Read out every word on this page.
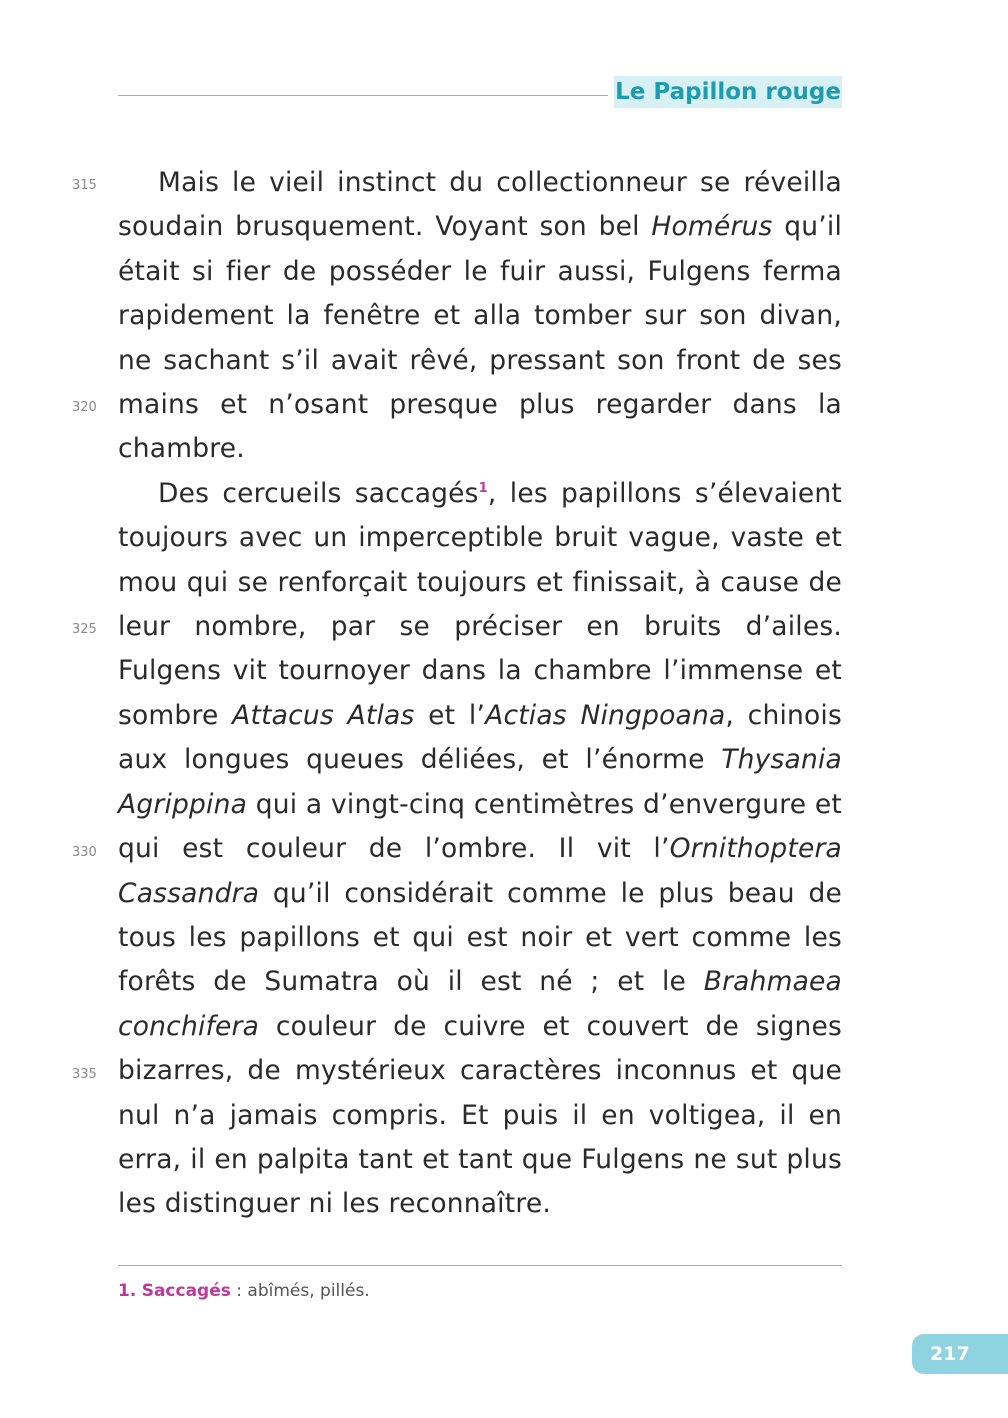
Le Papillon rouge
315
320
325
330
335

Mais le vieil instinct du collectionneur se réveilla soudain brusquement. Voyant son bel Homérus qu’il était si fier de posséder le fuir aussi, Fulgens ferma rapidement la fenêtre et alla tomber sur son divan, ne sachant s’il avait rêvé, pressant son front de ses mains et n’osant presque plus regarder dans la chambre.

Des cercueils saccagés$^1$, les papillons s’élevaient toujours avec un imperceptible bruit vague, vaste et mou qui se renforçait toujours et finissait, à cause de leur nombre, par se préciser en bruits d’ailes. Fulgens vit tournoyer dans la chambre l’immense et sombre Attacus Atlas et l’Actias Ningpoana, chinois aux longues queues déliées, et l’énorme Thysania Agrippina qui a vingt-cinq centimètres d’envergure et qui est couleur de l’ombre. Il vit l’Ornithoptera Cassandra qu’il considérait comme le plus beau de tous les papillons et qui est noir et vert comme les forêts de Sumatra où il est né ; et le Brahmaea conchifera couleur de cuivre et couvert de signes bizarres, de mystérieux caractères inconnus et que nul n’a jamais compris. Et puis il en voltigea, il en erra, il en palpita tant et tant que Fulgens ne sut plus les distinguer ni les reconnaître.

1. Saccagés : abîmés, pillés.
217
